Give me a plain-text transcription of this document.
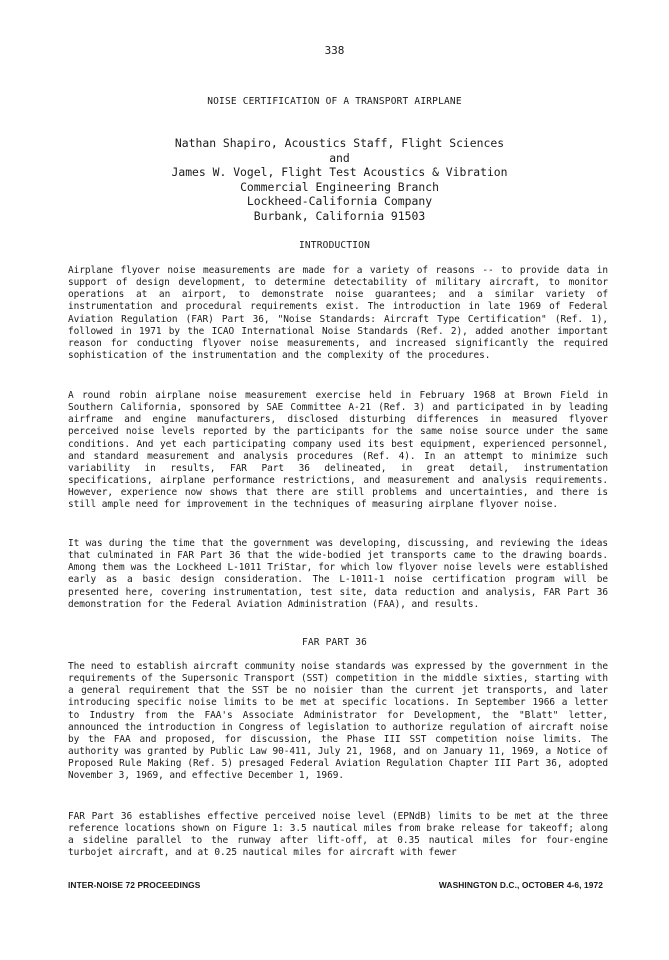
338
NOISE CERTIFICATION OF A TRANSPORT AIRPLANE
Nathan Shapiro, Acoustics Staff, Flight Sciences
and
James W. Vogel, Flight Test Acoustics & Vibration
Commercial Engineering Branch
Lockheed-California Company
Burbank, California 91503
INTRODUCTION

Airplane flyover noise measurements are made for a variety of reasons -- to provide data in support of design development, to determine detectability of military aircraft, to monitor operations at an airport, to demonstrate noise guarantees; and a similar variety of instrumentation and procedural requirements exist. The introduction in late 1969 of Federal Aviation Regulation (FAR) Part 36, "Noise Standards: Aircraft Type Certification" (Ref. 1), followed in 1971 by the ICAO International Noise Standards (Ref. 2), added another important reason for conducting flyover noise measurements, and increased significantly the required sophistication of the instrumentation and the complexity of the procedures.

A round robin airplane noise measurement exercise held in February 1968 at Brown Field in Southern California, sponsored by SAE Committee A-21 (Ref. 3) and participated in by leading airframe and engine manufacturers, disclosed disturbing differences in measured flyover perceived noise levels reported by the participants for the same noise source under the same conditions. And yet each participating company used its best equipment, experienced personnel, and standard measurement and analysis procedures (Ref. 4). In an attempt to minimize such variability in results, FAR Part 36 delineated, in great detail, instrumentation specifications, airplane performance restrictions, and measurement and analysis requirements. However, experience now shows that there are still problems and uncertainties, and there is still ample need for improvement in the techniques of measuring airplane flyover noise.

It was during the time that the government was developing, discussing, and reviewing the ideas that culminated in FAR Part 36 that the wide-bodied jet transports came to the drawing boards. Among them was the Lockheed L-1011 TriStar, for which low flyover noise levels were established early as a basic design consideration. The L-1011-1 noise certification program will be presented here, covering instrumentation, test site, data reduction and analysis, FAR Part 36 demonstration for the Federal Aviation Administration (FAA), and results.

FAR PART 36

The need to establish aircraft community noise standards was expressed by the government in the requirements of the Supersonic Transport (SST) competition in the middle sixties, starting with a general requirement that the SST be no noisier than the current jet transports, and later introducing specific noise limits to be met at specific locations. In September 1966 a letter to Industry from the FAA's Associate Administrator for Development, the "Blatt" letter, announced the introduction in Congress of legislation to authorize regulation of aircraft noise by the FAA and proposed, for discussion, the Phase III SST competition noise limits. The authority was granted by Public Law 90-411, July 21, 1968, and on January 11, 1969, a Notice of Proposed Rule Making (Ref. 5) presaged Federal Aviation Regulation Chapter III Part 36, adopted November 3, 1969, and effective December 1, 1969.

FAR Part 36 establishes effective perceived noise level (EPNdB) limits to be met at the three reference locations shown on Figure 1: 3.5 nautical miles from brake release for takeoff; along a sideline parallel to the runway after lift-off, at 0.35 nautical miles for four-engine turbojet aircraft, and at 0.25 nautical miles for aircraft with fewer

INTER-NOISE 72 PROCEEDINGS	WASHINGTON D.C., OCTOBER 4-6, 1972
